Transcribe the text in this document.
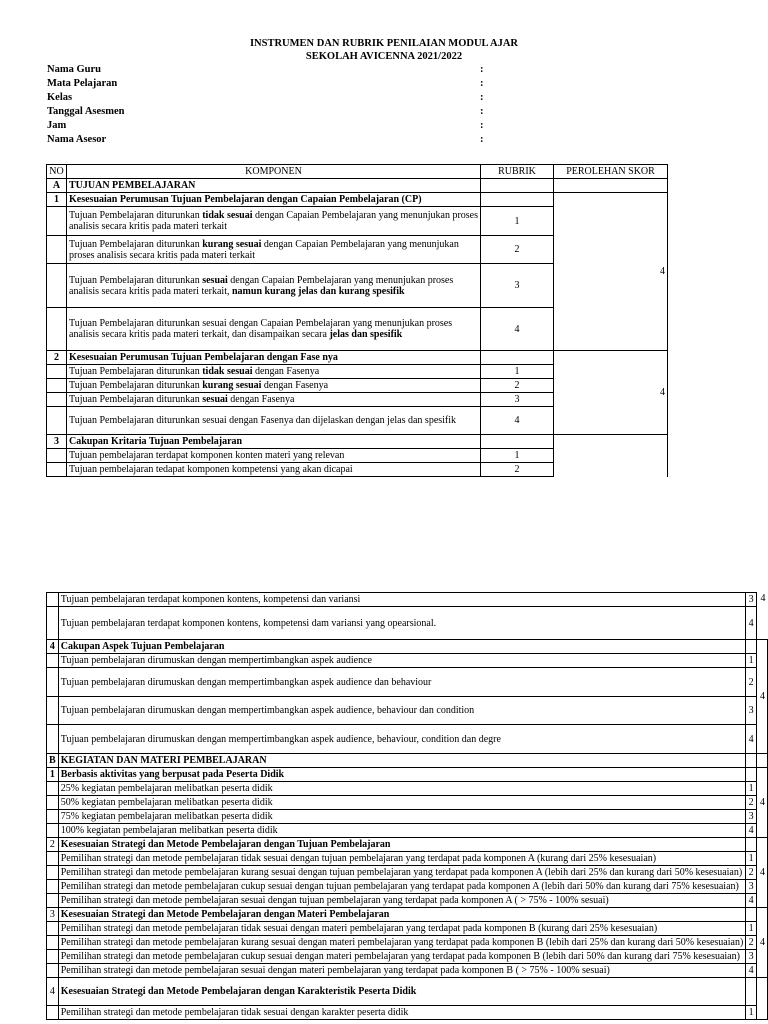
INSTRUMEN DAN RUBRIK PENILAIAN MODUL AJAR
SEKOLAH AVICENNA 2021/2022
Nama Guru	:
Mata Pelajaran	:
Kelas	:
Tanggal Asesmen	:
Jam	:
Nama Asesor	:
NO	KOMPONEN	RUBRIK	PEROLEHAN SKOR
A	TUJUAN PEMBELAJARAN		
1	Kesesuaian Perumusan Tujuan Pembelajaran dengan Capaian Pembelajaran (CP)		4
	Tujuan Pembelajaran diturunkan tidak sesuai dengan Capaian Pembelajaran yang menunjukan proses analisis secara kritis pada materi terkait	1	
	Tujuan Pembelajaran diturunkan kurang sesuai dengan Capaian Pembelajaran yang menunjukan proses analisis secara kritis pada materi terkait	2	
	Tujuan Pembelajaran diturunkan sesuai dengan Capaian Pembelajaran yang menunjukan proses analisis secara kritis pada materi terkait, namun kurang jelas dan kurang spesifik	3	
	Tujuan Pembelajaran diturunkan sesuai dengan Capaian Pembelajaran yang menunjukan proses analisis secara kritis pada materi terkait, dan disampaikan secara jelas dan spesifik	4	
2	Kesesuaian Perumusan Tujuan Pembelajaran dengan Fase nya		4
	Tujuan Pembelajaran diturunkan tidak sesuai dengan Fasenya	1	
	Tujuan Pembelajaran diturunkan kurang sesuai dengan Fasenya	2	
	Tujuan Pembelajaran diturunkan sesuai dengan Fasenya	3	
	Tujuan Pembelajaran diturunkan sesuai dengan Fasenya dan dijelaskan dengan jelas dan spesifik	4	
3	Cakupan Kritaria Tujuan Pembelajaran		
	Tujuan pembelajaran terdapat komponen konten materi yang relevan	1	
	Tujuan pembelajaran tedapat komponen kompetensi yang akan dicapai	2	
	Tujuan pembelajaran terdapat komponen kontens, kompetensi dan variansi	3	4
	Tujuan pembelajaran terdapat komponen kontens, kompetensi dam variansi yang opearsional.	4	
4	Cakupan Aspek Tujuan Pembelajaran		4
	Tujuan pembelajaran dirumuskan dengan mempertimbangkan aspek audience	1	
	Tujuan pembelajaran dirumuskan dengan mempertimbangkan aspek audience dan behaviour	2	
	Tujuan pembelajaran dirumuskan dengan mempertimbangkan aspek audience, behaviour dan condition	3	
	Tujuan pembelajaran dirumuskan dengan mempertimbangkan aspek audience, behaviour, condition dan degre	4	
B	KEGIATAN DAN MATERI PEMBELAJARAN		
1	Berbasis aktivitas yang berpusat pada Peserta Didik		4
	25% kegiatan pembelajaran melibatkan peserta didik	1	
	50% kegiatan pembelajaran melibatkan peserta didik	2	
	75% kegiatan pembelajaran melibatkan peserta didik	3	
	100% kegiatan pembelajaran melibatkan peserta didik	4	
2	Kesesuaian Strategi dan Metode Pembelajaran dengan Tujuan Pembelajaran		4
	Pemilihan strategi dan metode pembelajaran tidak sesuai dengan tujuan pembelajaran yang terdapat pada komponen A (kurang dari 25% kesesuaian)	1	
	Pemilihan strategi dan metode pembelajaran kurang sesuai dengan tujuan pembelajaran yang terdapat pada komponen A (lebih dari 25% dan kurang dari 50% kesesuaian)	2	
	Pemilihan strategi dan metode pembelajaran cukup sesuai dengan tujuan pembelajaran yang terdapat pada komponen A (lebih dari 50% dan kurang dari 75% kesesuaian)	3	
	Pemilihan strategi dan metode pembelajaran sesuai dengan tujuan pembelajaran yang terdapat pada komponen A ( > 75% - 100% sesuai)	4	
3	Kesesuaian Strategi dan Metode Pembelajaran dengan Materi Pembelajaran		4
	Pemilihan strategi dan metode pembelajaran tidak sesuai dengan materi pembelajaran yang terdapat pada komponen B (kurang dari 25% kesesuaian)	1	
	Pemilihan strategi dan metode pembelajaran kurang sesuai dengan materi pembelajaran yang terdapat pada komponen B (lebih dari 25% dan kurang dari 50% kesesuaian)	2	
	Pemilihan strategi dan metode pembelajaran cukup sesuai dengan materi pembelajaran yang terdapat pada komponen B (lebih dari 50% dan kurang dari 75% kesesuaian)	3	
	Pemilihan strategi dan metode pembelajaran sesuai dengan materi pembelajaran yang terdapat pada komponen B ( > 75% - 100% sesuai)	4	
4	Kesesuaian Strategi dan Metode Pembelajaran dengan Karakteristik Peserta Didik		
	Pemilihan strategi dan metode pembelajaran tidak sesuai dengan karakter peserta didik	1	
